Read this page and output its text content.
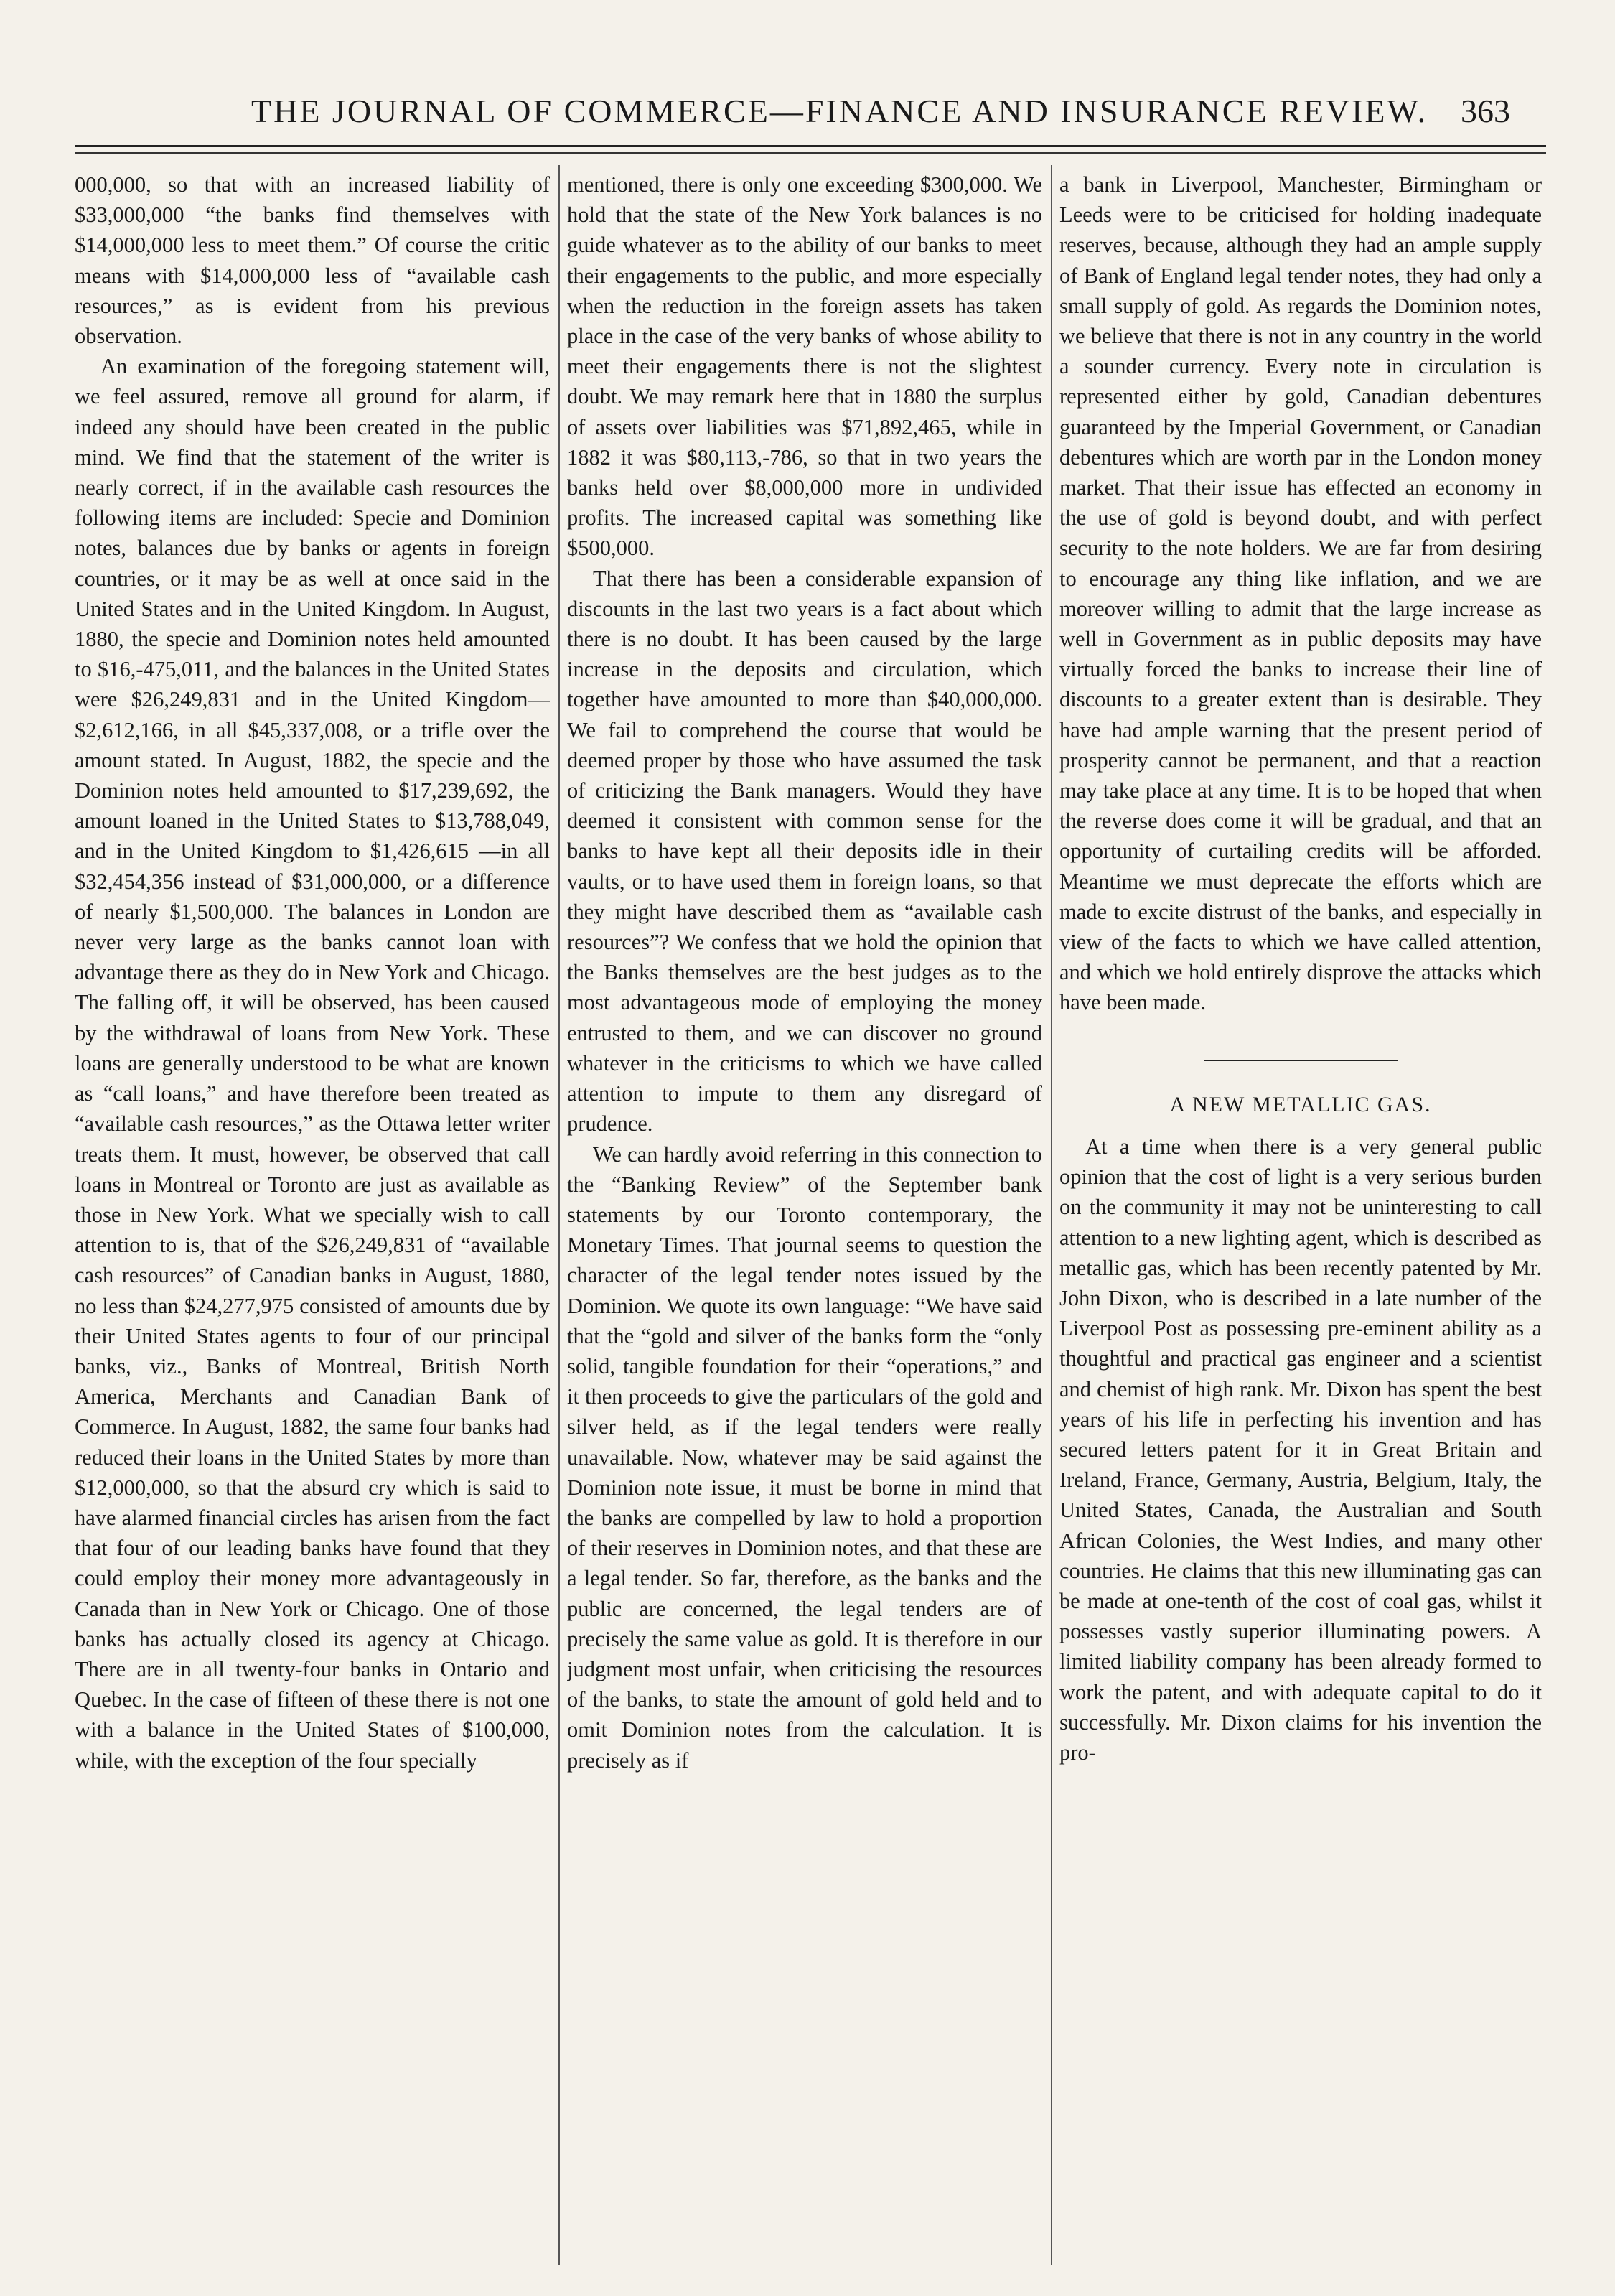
THE JOURNAL OF COMMERCE—FINANCE AND INSURANCE REVIEW. 363

000,000, so that with an increased liability of $33,000,000 “the banks find themselves with $14,000,000 less to meet them.” Of course the critic means with $14,000,000 less of “available cash resources,” as is evident from his previous observation.

An examination of the foregoing statement will, we feel assured, remove all ground for alarm, if indeed any should have been created in the public mind. We find that the statement of the writer is nearly correct, if in the available cash resources the following items are included: Specie and Dominion notes, balances due by banks or agents in foreign countries, or it may be as well at once said in the United States and in the United Kingdom. In August, 1880, the specie and Dominion notes held amounted to $16,-475,011, and the balances in the United States were $26,249,831 and in the United Kingdom—$2,612,166, in all $45,337,008, or a trifle over the amount stated. In August, 1882, the specie and the Dominion notes held amounted to $17,239,692, the amount loaned in the United States to $13,788,049, and in the United Kingdom to $1,426,615 —in all $32,454,356 instead of $31,000,000, or a difference of nearly $1,500,000. The balances in London are never very large as the banks cannot loan with advantage there as they do in New York and Chicago. The falling off, it will be observed, has been caused by the withdrawal of loans from New York. These loans are generally understood to be what are known as “call loans,” and have therefore been treated as “available cash resources,” as the Ottawa letter writer treats them. It must, however, be observed that call loans in Montreal or Toronto are just as available as those in New York. What we specially wish to call attention to is, that of the $26,249,831 of “available cash resources” of Canadian banks in August, 1880, no less than $24,277,975 consisted of amounts due by their United States agents to four of our principal banks, viz., Banks of Montreal, British North America, Merchants and Canadian Bank of Commerce. In August, 1882, the same four banks had reduced their loans in the United States by more than $12,000,000, so that the absurd cry which is said to have alarmed financial circles has arisen from the fact that four of our leading banks have found that they could employ their money more advantageously in Canada than in New York or Chicago. One of those banks has actually closed its agency at Chicago. There are in all twenty-four banks in Ontario and Quebec. In the case of fifteen of these there is not one with a balance in the United States of $100,000, while, with the exception of the four specially

mentioned, there is only one exceeding $300,000. We hold that the state of the New York balances is no guide whatever as to the ability of our banks to meet their engagements to the public, and more especially when the reduction in the foreign assets has taken place in the case of the very banks of whose ability to meet their engagements there is not the slightest doubt. We may remark here that in 1880 the surplus of assets over liabilities was $71,892,465, while in 1882 it was $80,113,-786, so that in two years the banks held over $8,000,000 more in undivided profits. The increased capital was something like $500,000.

That there has been a considerable expansion of discounts in the last two years is a fact about which there is no doubt. It has been caused by the large increase in the deposits and circulation, which together have amounted to more than $40,000,000. We fail to comprehend the course that would be deemed proper by those who have assumed the task of criticizing the Bank managers. Would they have deemed it consistent with common sense for the banks to have kept all their deposits idle in their vaults, or to have used them in foreign loans, so that they might have described them as “available cash resources”? We confess that we hold the opinion that the Banks themselves are the best judges as to the most advantageous mode of employing the money entrusted to them, and we can discover no ground whatever in the criticisms to which we have called attention to impute to them any disregard of prudence.

We can hardly avoid referring in this connection to the “Banking Review” of the September bank statements by our Toronto contemporary, the Monetary Times. That journal seems to question the character of the legal tender notes issued by the Dominion. We quote its own language: “We have said that the “gold and silver of the banks form the “only solid, tangible foundation for their “operations,” and it then proceeds to give the particulars of the gold and silver held, as if the legal tenders were really unavailable. Now, whatever may be said against the Dominion note issue, it must be borne in mind that the banks are compelled by law to hold a proportion of their reserves in Dominion notes, and that these are a legal tender. So far, therefore, as the banks and the public are concerned, the legal tenders are of precisely the same value as gold. It is therefore in our judgment most unfair, when criticising the resources of the banks, to state the amount of gold held and to omit Dominion notes from the calculation. It is precisely as if

a bank in Liverpool, Manchester, Birmingham or Leeds were to be criticised for holding inadequate reserves, because, although they had an ample supply of Bank of England legal tender notes, they had only a small supply of gold. As regards the Dominion notes, we believe that there is not in any country in the world a sounder currency. Every note in circulation is represented either by gold, Canadian debentures guaranteed by the Imperial Government, or Canadian debentures which are worth par in the London money market. That their issue has effected an economy in the use of gold is beyond doubt, and with perfect security to the note holders. We are far from desiring to encourage any thing like inflation, and we are moreover willing to admit that the large increase as well in Government as in public deposits may have virtually forced the banks to increase their line of discounts to a greater extent than is desirable. They have had ample warning that the present period of prosperity cannot be permanent, and that a reaction may take place at any time. It is to be hoped that when the reverse does come it will be gradual, and that an opportunity of curtailing credits will be afforded. Meantime we must deprecate the efforts which are made to excite distrust of the banks, and especially in view of the facts to which we have called attention, and which we hold entirely disprove the attacks which have been made.

A NEW METALLIC GAS.

At a time when there is a very general public opinion that the cost of light is a very serious burden on the community it may not be uninteresting to call attention to a new lighting agent, which is described as metallic gas, which has been recently patented by Mr. John Dixon, who is described in a late number of the Liverpool Post as possessing pre-eminent ability as a thoughtful and practical gas engineer and a scientist and chemist of high rank. Mr. Dixon has spent the best years of his life in perfecting his invention and has secured letters patent for it in Great Britain and Ireland, France, Germany, Austria, Belgium, Italy, the United States, Canada, the Australian and South African Colonies, the West Indies, and many other countries. He claims that this new illuminating gas can be made at one-tenth of the cost of coal gas, whilst it possesses vastly superior illuminating powers. A limited liability company has been already formed to work the patent, and with adequate capital to do it successfully. Mr. Dixon claims for his invention the pro-
